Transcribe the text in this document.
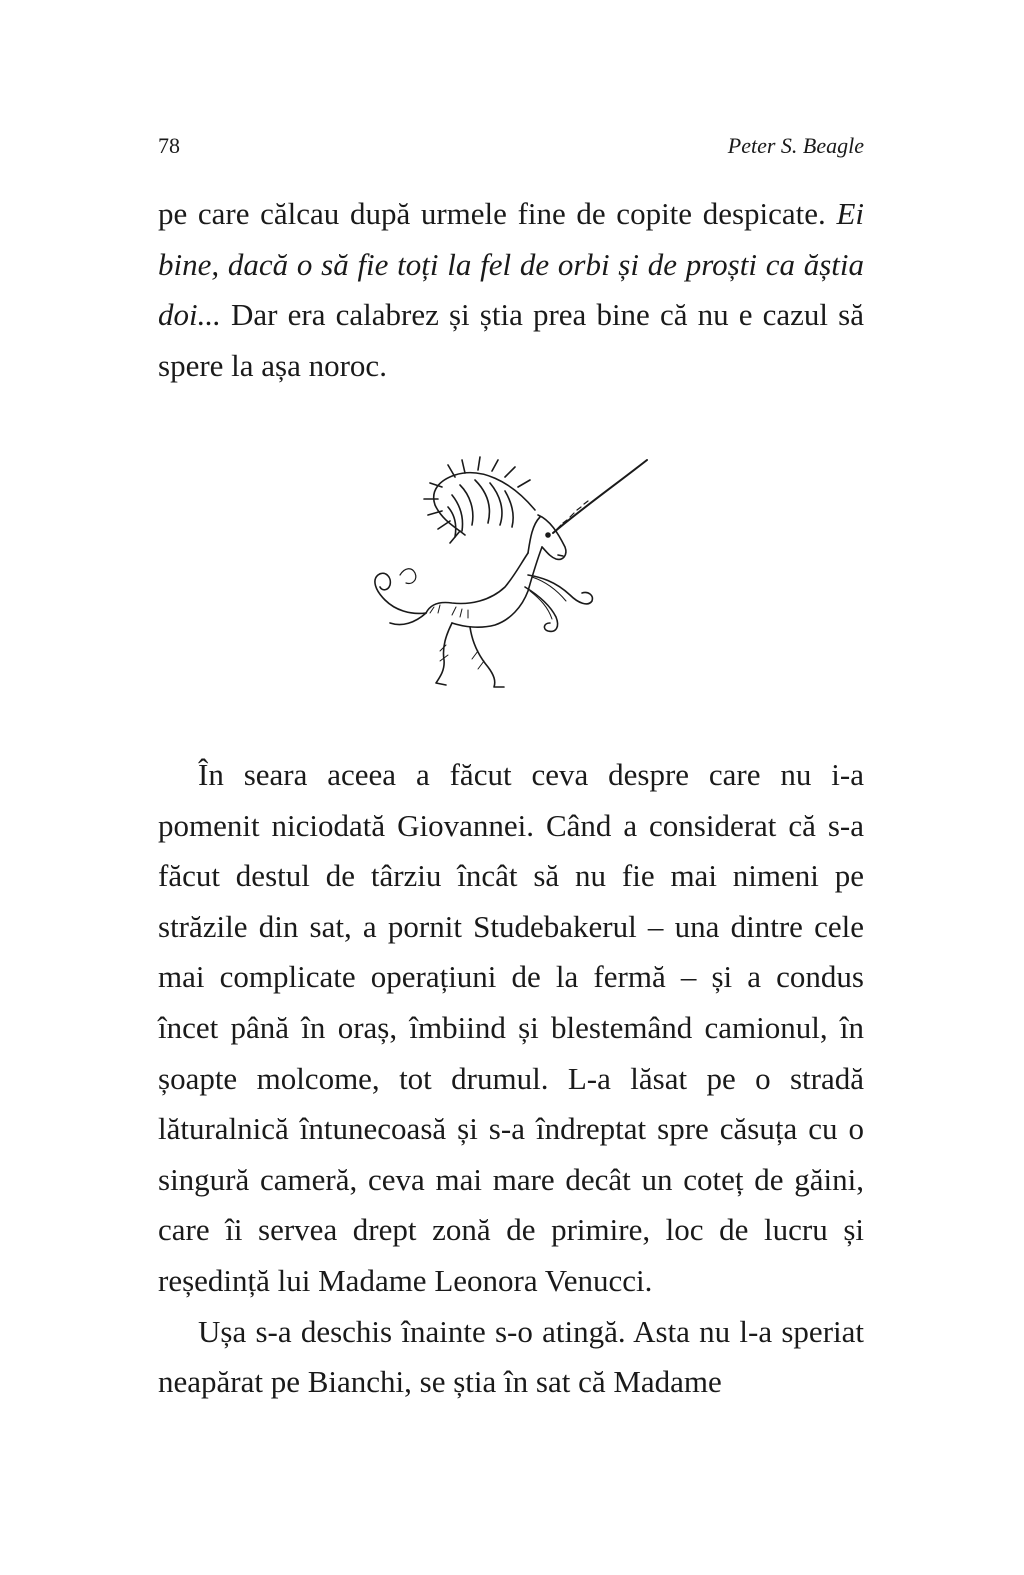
78	Peter S. Beagle

pe care călcau după urmele fine de copite despicate. Ei bine, dacă o să fie toți la fel de orbi și de proști ca ăștia doi... Dar era calabrez și știa prea bine că nu e cazul să spere la așa noroc.

În seara aceea a făcut ceva despre care nu i-a pomenit niciodată Giovannei. Când a considerat că s-a făcut destul de târziu încât să nu fie mai nimeni pe străzile din sat, a pornit Studebakerul – una dintre cele mai complicate operațiuni de la fermă – și a condus încet până în oraș, îmbiind și blestemând camionul, în șoapte molcome, tot drumul. L-a lăsat pe o stradă lăturalnică întunecoasă și s-a îndreptat spre căsuța cu o singură cameră, ceva mai mare decât un coteț de găini, care îi servea drept zonă de primire, loc de lucru și reședință lui Madame Leonora Venucci.

Ușa s-a deschis înainte s-o atingă. Asta nu l-a speriat neapărat pe Bianchi, se știa în sat că Madame
